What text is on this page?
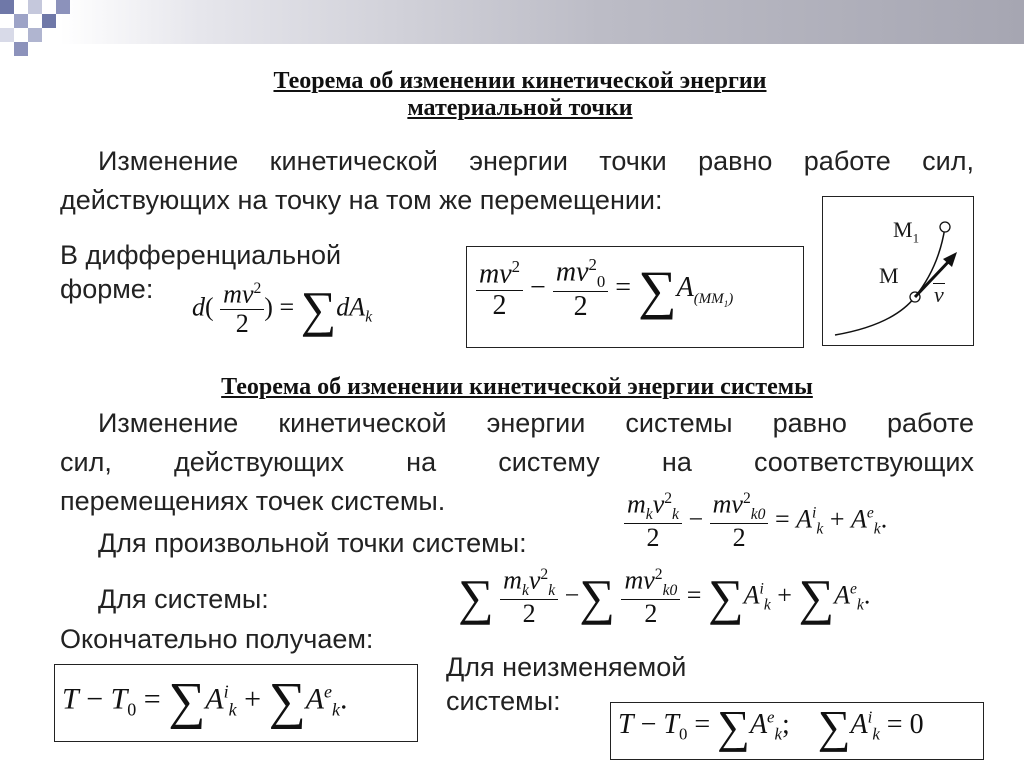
Теорема об изменении кинетической энергии
материальной точки
Изменение кинетической энергии точки равно работе сил,
действующих на точку на том же перемещении:
В дифференциальной
форме:
$d( \frac{mv^2}{2}$ ) = $\sum dA_k$	$\frac{mv^2}{2} - \frac{mv^2_0}{2} = \sum A_{(MM_1)}$
$M_1$
M
v
Теорема об изменении кинетической энергии системы
Изменение кинетической энергии системы равно работе
сил, действующих на систему на соответствующих
перемещениях точек системы.
Для произвольной точки системы:	$\frac{m_kv^2_k}{2} - \frac{mv^2_{k0}}{2} = A^i_k + A^e_k$.
Для системы:	∑ $\frac{m_kv^2_k}{2}$ −∑ $\frac{mv^2_{k0}}{2} = \sum A^i_k + \sum A^e_k$.
Окончательно получаем:
$T - T_0 = \sum A^i_k + \sum A^e_k$.
Для неизменяемой
системы:
$T - T_0 = \sum A^e_k$;    $\sum A^i_k = 0$
